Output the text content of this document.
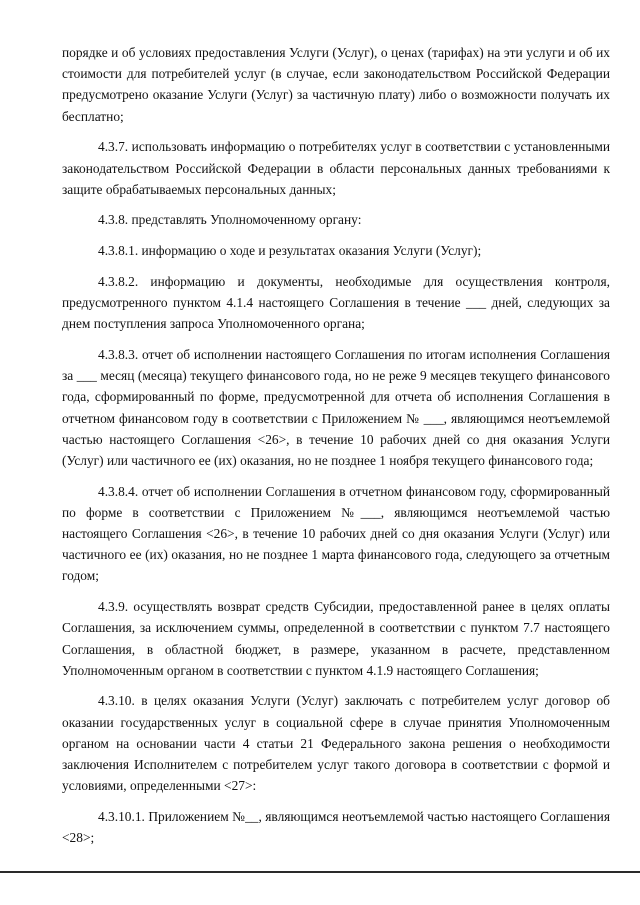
порядке и об условиях предоставления Услуги (Услуг), о ценах (тарифах) на эти услуги и об их стоимости для потребителей услуг (в случае, если законодательством Российской Федерации предусмотрено оказание Услуги (Услуг) за частичную плату) либо о возможности получать их бесплатно;

4.3.7. использовать информацию о потребителях услуг в соответствии с установленными законодательством Российской Федерации в области персональных данных требованиями к защите обрабатываемых персональных данных;

4.3.8. представлять Уполномоченному органу:

4.3.8.1. информацию о ходе и результатах оказания Услуги (Услуг);

4.3.8.2. информацию и документы, необходимые для осуществления контроля, предусмотренного пунктом 4.1.4 настоящего Соглашения в течение ___ дней, следующих за днем поступления запроса Уполномоченного органа;

4.3.8.3. отчет об исполнении настоящего Соглашения по итогам исполнения Соглашения за ___ месяц (месяца) текущего финансового года, но не реже 9 месяцев текущего финансового года, сформированный по форме, предусмотренной для отчета об исполнения Соглашения в отчетном финансовом году в соответствии с Приложением № ___, являющимся неотъемлемой частью настоящего Соглашения <26>, в течение 10 рабочих дней со дня оказания Услуги (Услуг) или частичного ее (их) оказания, но не позднее 1 ноября текущего финансового года;

4.3.8.4. отчет об исполнении Соглашения в отчетном финансовом году, сформированный по форме в соответствии с Приложением №___, являющимся неотъемлемой частью настоящего Соглашения <26>, в течение 10 рабочих дней со дня оказания Услуги (Услуг) или частичного ее (их) оказания, но не позднее 1 марта финансового года, следующего за отчетным годом;

4.3.9. осуществлять возврат средств Субсидии, предоставленной ранее в целях оплаты Соглашения, за исключением суммы, определенной в соответствии с пунктом 7.7 настоящего Соглашения, в областной бюджет, в размере, указанном в расчете, представленном Уполномоченным органом в соответствии с пунктом 4.1.9 настоящего Соглашения;

4.3.10. в целях оказания Услуги (Услуг) заключать с потребителем услуг договор об оказании государственных услуг в социальной сфере в случае принятия Уполномоченным органом на основании части 4 статьи 21 Федерального закона решения о необходимости заключения Исполнителем с потребителем услуг такого договора в соответствии с формой и условиями, определенными <27>:

4.3.10.1. Приложением №__, являющимся неотъемлемой частью настоящего Соглашения <28>;
